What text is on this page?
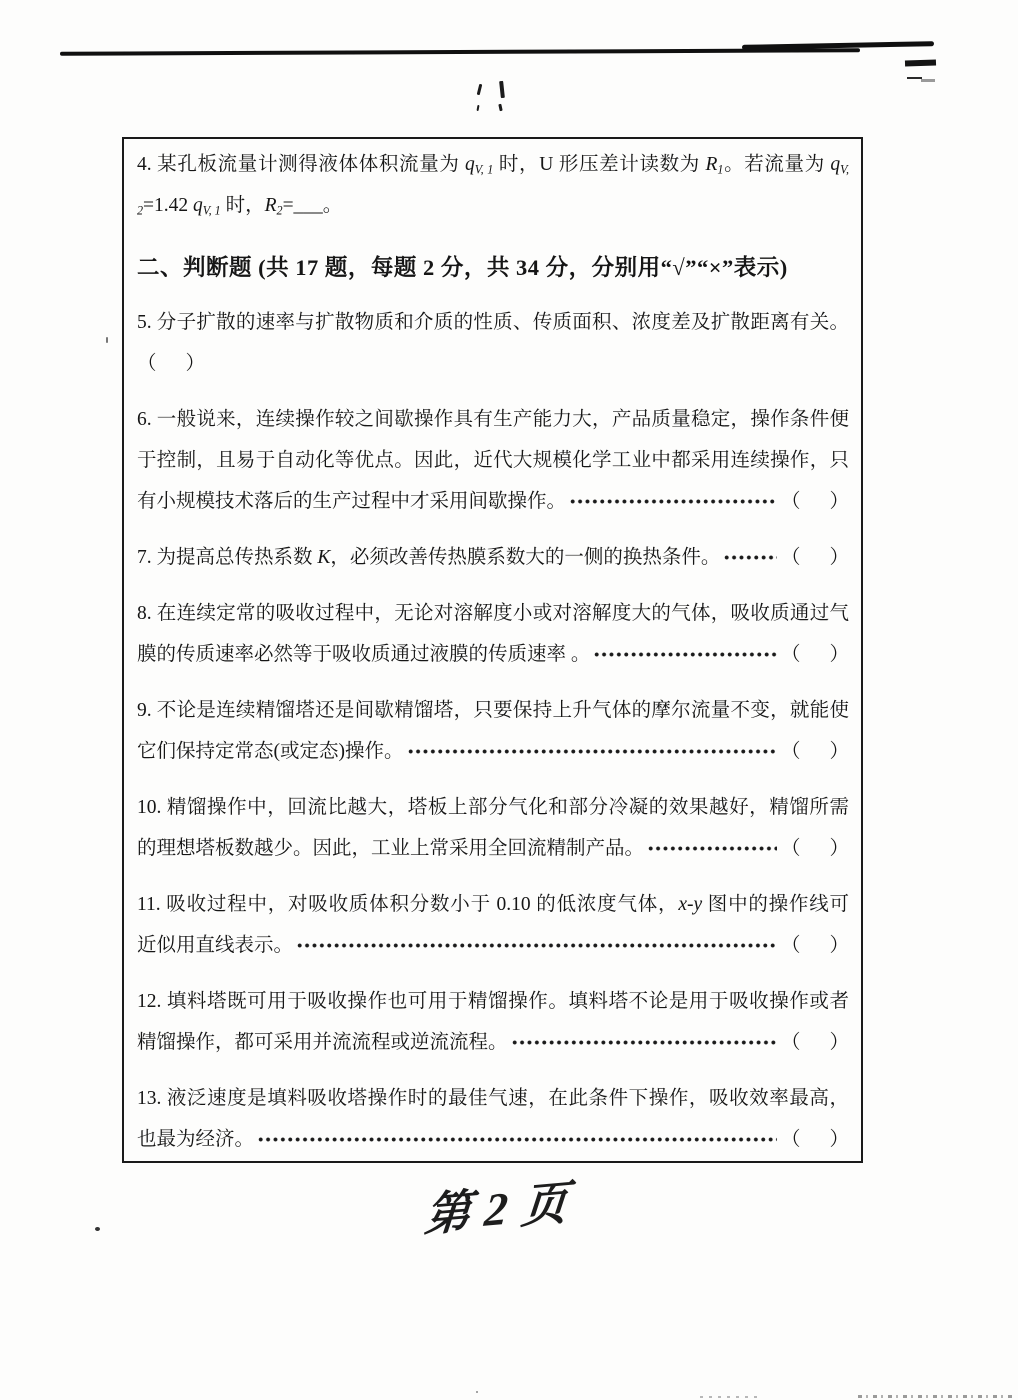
4. 某孔板流量计测得液体体积流量为 $q_{V, 1}$ 时，U 形压差计读数为 $R_1$。若流量为 $q_{V,}$
$_2$=1.42 $q_{V, 1}$ 时，$R_2=\_\_\_$。
二、判断题 (共 17 题，每题 2 分，共 34 分，分别用“√”“×”表示)
5. 分子扩散的速率与扩散物质和介质的性质、传质面积、浓度差及扩散距离有关。
（ ）
6. 一般说来，连续操作较之间歇操作具有生产能力大，产品质量稳定，操作条件便
于控制，且易于自动化等优点。因此，近代大规模化学工业中都采用连续操作，只
有小规模技术落后的生产过程中才采用间歇操作。	（ ）
7. 为提高总传热系数 K ，必须改善传热膜系数大的一侧的换热条件。	（ ）
8. 在连续定常的吸收过程中，无论对溶解度小或对溶解度大的气体，吸收质通过气
膜的传质速率必然等于吸收质通过液膜的传质速率 。	（ ）
9. 不论是连续精馏塔还是间歇精馏塔，只要保持上升气体的摩尔流量不变，就能使
它们保持定常态(或定态)操作。	（ ）
10. 精馏操作中，回流比越大，塔板上部分气化和部分冷凝的效果越好，精馏所需
的理想塔板数越少。因此，工业上常采用全回流精制产品。	（ ）
11. 吸收过程中，对吸收质体积分数小于 0.10 的低浓度气体，x-y 图中的操作线可
近似用直线表示。	（ ）
12. 填料塔既可用于吸收操作也可用于精馏操作。填料塔不论是用于吸收操作或者
精馏操作，都可采用并流流程或逆流流程。	（ ）
13. 液泛速度是填料吸收塔操作时的最佳气速，在此条件下操作，吸收效率最高，
也最为经济。	（ ）
第2页
